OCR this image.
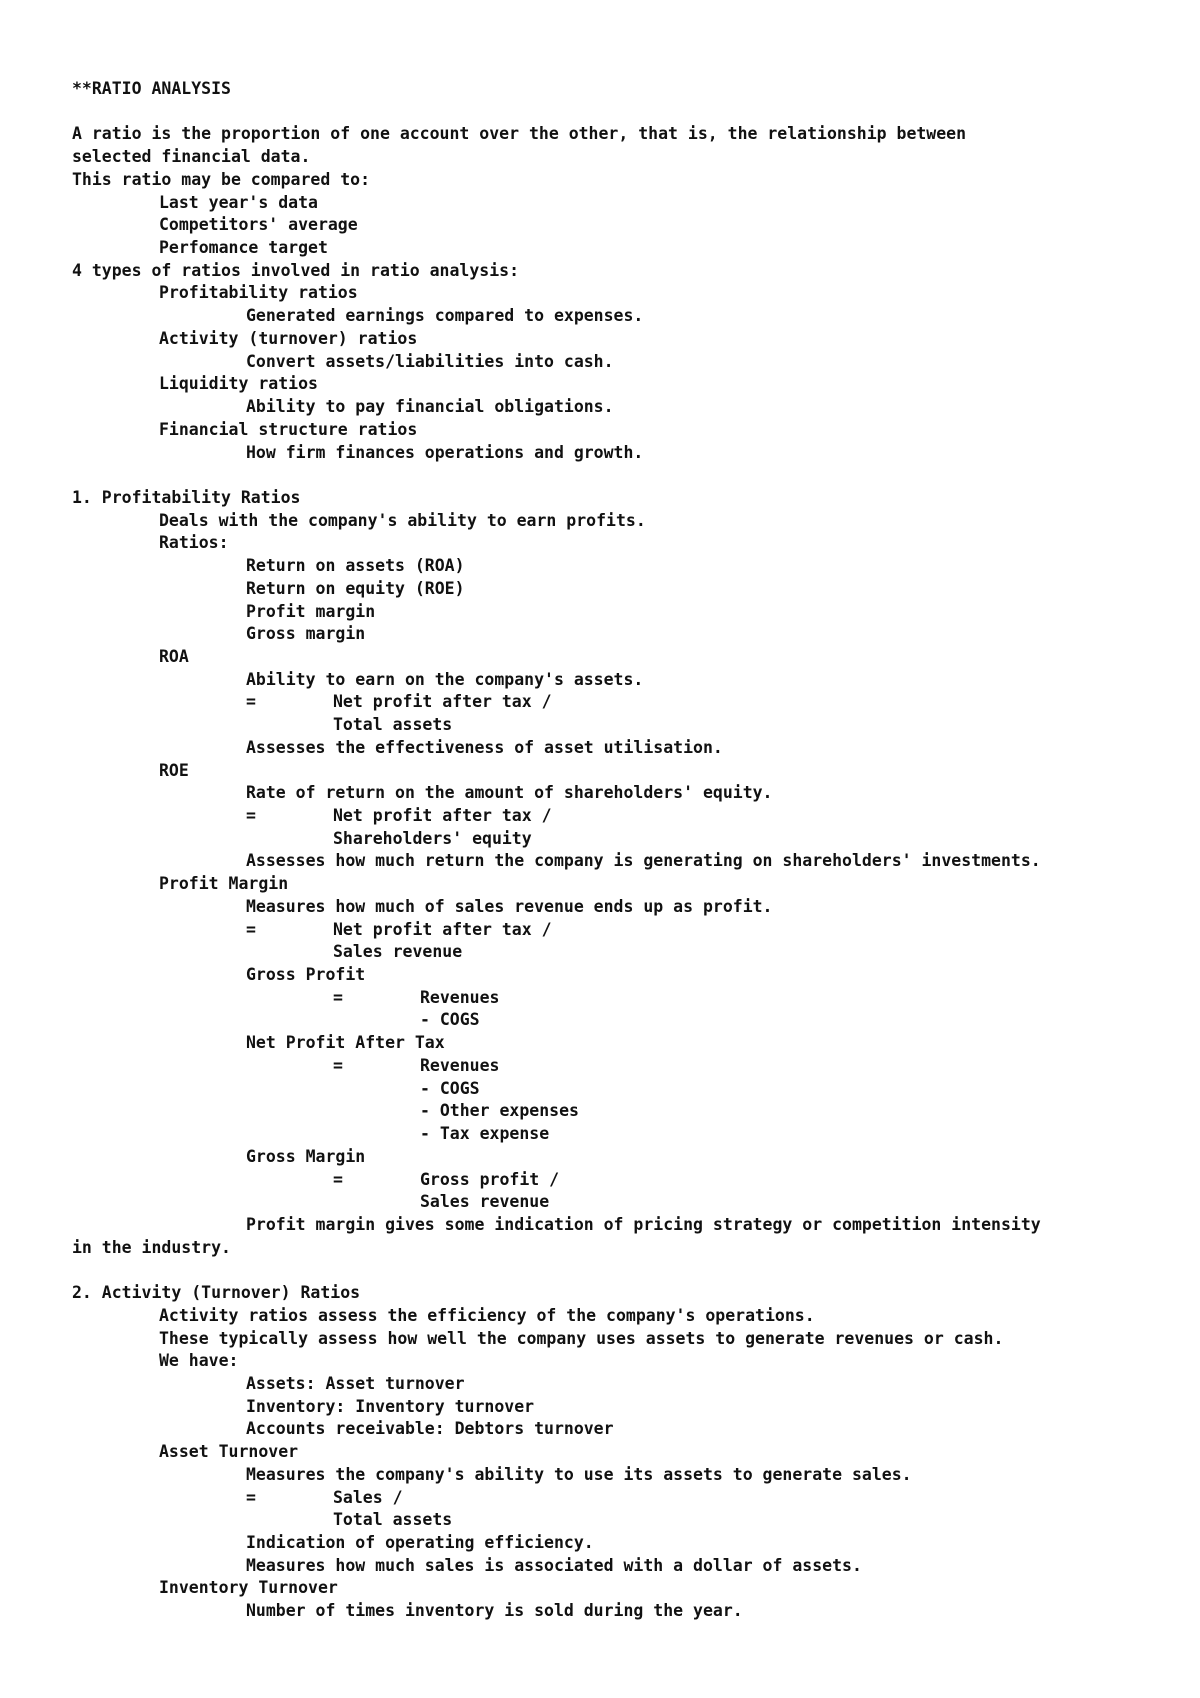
**RATIO ANALYSIS
A ratio is the proportion of one account over the other, that is, the relationship between
selected financial data.
This ratio may be compared to:
Last year's data
Competitors' average
Perfomance target
4 types of ratios involved in ratio analysis:
Profitability ratios
Generated earnings compared to expenses.
Activity (turnover) ratios
Convert assets/liabilities into cash.
Liquidity ratios
Ability to pay financial obligations.
Financial structure ratios
How firm finances operations and growth.
1. Profitability Ratios
Deals with the company's ability to earn profits.
Ratios:
Return on assets (ROA)
Return on equity (ROE)
Profit margin
Gross margin
ROA
Ability to earn on the company's assets.
=	Net profit after tax /
Total assets
Assesses the effectiveness of asset utilisation.
ROE
Rate of return on the amount of shareholders' equity.
=	Net profit after tax /
Shareholders' equity
Assesses how much return the company is generating on shareholders' investments.
Profit Margin
Measures how much of sales revenue ends up as profit.
=	Net profit after tax /
Sales revenue
Gross Profit
=	Revenues
- COGS
Net Profit After Tax
=	Revenues
- COGS
- Other expenses
- Tax expense
Gross Margin
=	Gross profit /
Sales revenue
Profit margin gives some indication of pricing strategy or competition intensity
in the industry.
2. Activity (Turnover) Ratios
Activity ratios assess the efficiency of the company's operations.
These typically assess how well the company uses assets to generate revenues or cash.
We have:
Assets: Asset turnover
Inventory: Inventory turnover
Accounts receivable: Debtors turnover
Asset Turnover
Measures the company's ability to use its assets to generate sales.
=	Sales /
Total assets
Indication of operating efficiency.
Measures how much sales is associated with a dollar of assets.
Inventory Turnover
Number of times inventory is sold during the year.
